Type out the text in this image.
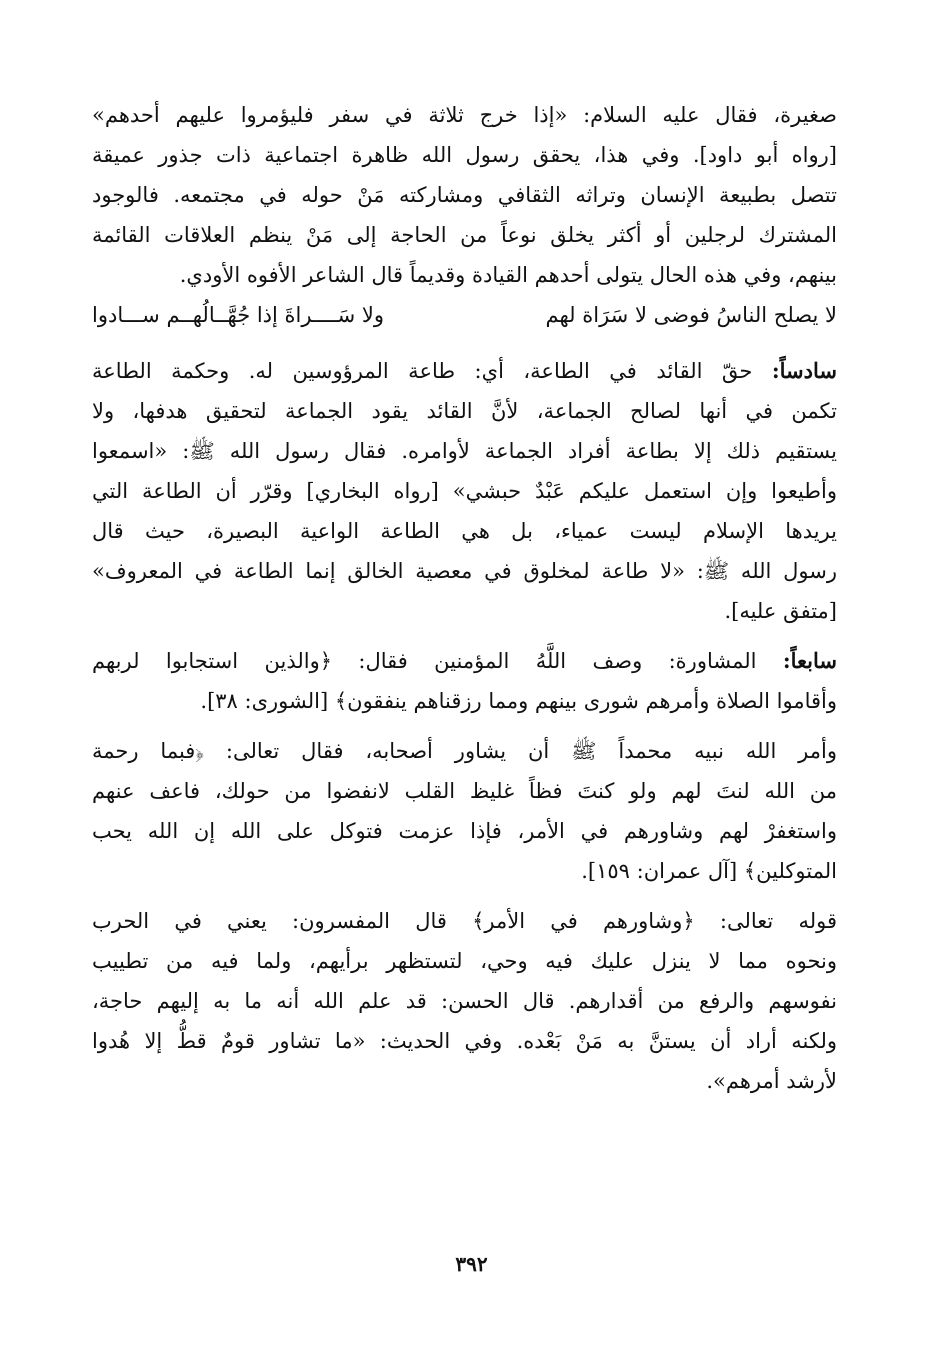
صغيرة، فقال عليه السلام: «إذا خرج ثلاثة في سفر فليؤمروا عليهم أحدهم»
[رواه أبو داود]. وفي هذا، يحقق رسول الله ظاهرة اجتماعية ذات جذور عميقة
تتصل بطبيعة الإنسان وتراثه الثقافي ومشاركته مَنْ حوله في مجتمعه. فالوجود
المشترك لرجلين أو أكثر يخلق نوعاً من الحاجة إلى مَنْ ينظم العلاقات القائمة
بينهم، وفي هذه الحال يتولى أحدهم القيادة وقديماً قال الشاعر الأفوه الأودي.

لا يصلح الناسُ فوضى لا سَرَاة لهم
ولا سَــــراةَ إذا جُهَّــالُهــم ســـادوا

سادساً: حقّ القائد في الطاعة، أي: طاعة المرؤوسين له. وحكمة الطاعة
تكمن في أنها لصالح الجماعة، لأنَّ القائد يقود الجماعة لتحقيق هدفها، ولا
يستقيم ذلك إلا بطاعة أفراد الجماعة لأوامره. فقال رسول الله ﷺ: «اسمعوا
وأطيعوا وإن استعمل عليكم عَبْدٌ حبشي» [رواه البخاري] وقرّر أن الطاعة التي
يريدها الإسلام ليست عمياء، بل هي الطاعة الواعية البصيرة، حيث قال
رسول الله ﷺ: «لا طاعة لمخلوق في معصية الخالق إنما الطاعة في المعروف»
[متفق عليه].

سابعاً: المشاورة: وصف اللَّهُ المؤمنين فقال: ﴿والذين استجابوا لربهم
وأقاموا الصلاة وأمرهم شورى بينهم ومما رزقناهم ينفقون﴾ [الشورى: ٣٨].

وأمر الله نبيه محمداً ﷺ أن يشاور أصحابه، فقال تعالى: ﴿فبما رحمة
من الله لنتَ لهم ولو كنتَ فظاً غليظ القلب لانفضوا من حولك، فاعف عنهم
واستغفرْ لهم وشاورهم في الأمر، فإذا عزمت فتوكل على الله إن الله يحب
المتوكلين﴾ [آل عمران: ١٥٩].

قوله تعالى: ﴿وشاورهم في الأمر﴾ قال المفسرون: يعني في الحرب
ونحوه مما لا ينزل عليك فيه وحي، لتستظهر برأيهم، ولما فيه من تطييب
نفوسهم والرفع من أقدارهم. قال الحسن: قد علم الله أنه ما به إليهم حاجة،
ولكنه أراد أن يستنَّ به مَنْ بَعْده. وفي الحديث: «ما تشاور قومٌ قطُّ إلا هُدوا
لأرشد أمرهم».

٣٩٢
